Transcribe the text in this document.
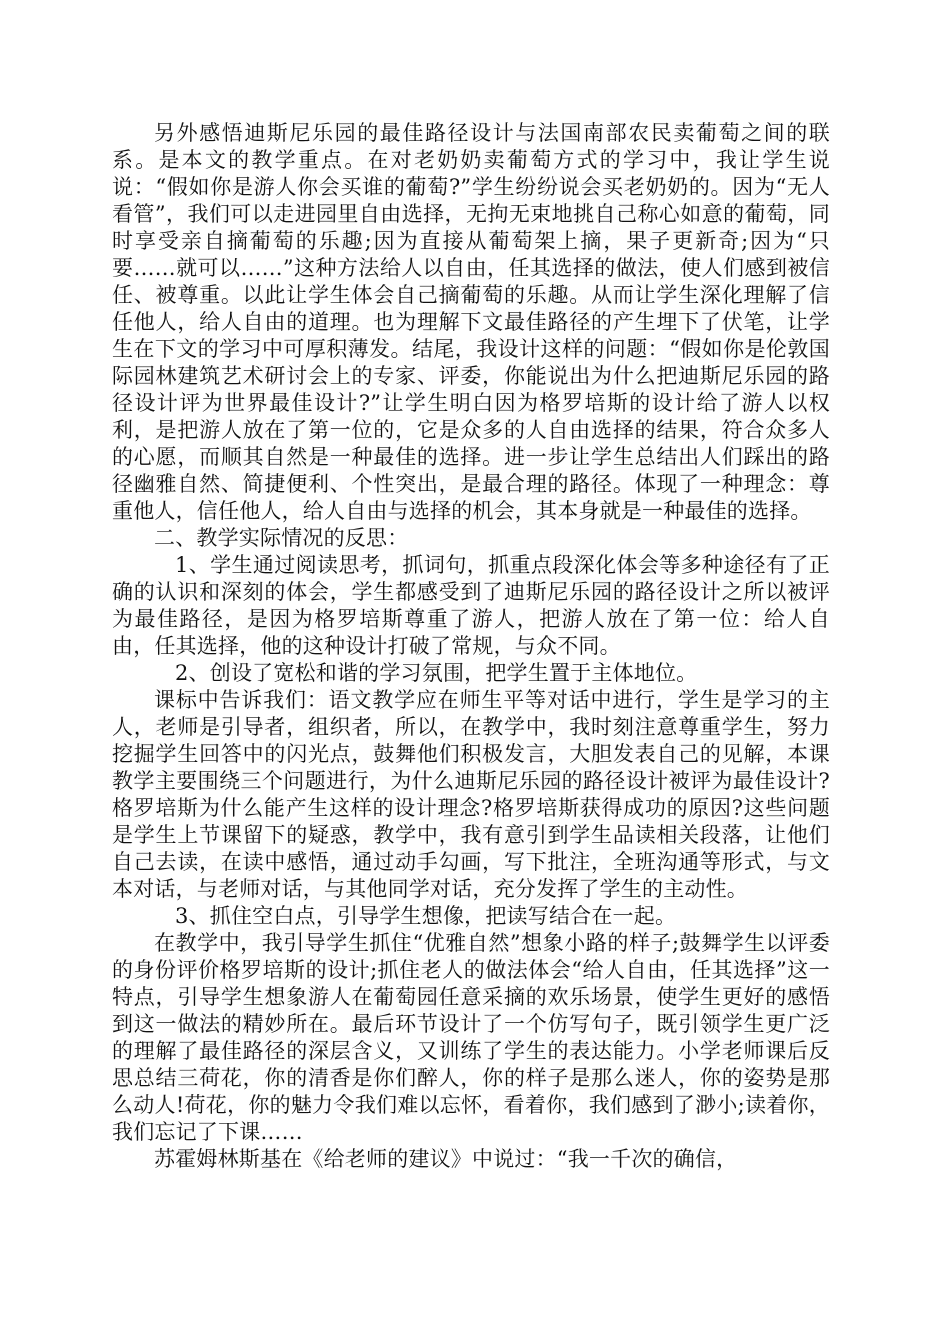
另外感悟迪斯尼乐园的最佳路径设计与法国南部农民卖葡萄之间的联系。是本文的教学重点。在对老奶奶卖葡萄方式的学习中，我让学生说说：“假如你是游人你会买谁的葡萄?”学生纷纷说会买老奶奶的。因为“无人看管”，我们可以走进园里自由选择，无拘无束地挑自己称心如意的葡萄，同时享受亲自摘葡萄的乐趣;因为直接从葡萄架上摘，果子更新奇;因为“只要……就可以……”这种方法给人以自由，任其选择的做法，使人们感到被信任、被尊重。以此让学生体会自己摘葡萄的乐趣。从而让学生深化理解了信任他人，给人自由的道理。也为理解下文最佳路径的产生埋下了伏笔，让学生在下文的学习中可厚积薄发。结尾，我设计这样的问题：“假如你是伦敦国际园林建筑艺术研讨会上的专家、评委，你能说出为什么把迪斯尼乐园的路径设计评为世界最佳设计?”让学生明白因为格罗培斯的设计给了游人以权利，是把游人放在了第一位的，它是众多的人自由选择的结果，符合众多人的心愿，而顺其自然是一种最佳的选择。进一步让学生总结出人们踩出的路径幽雅自然、简捷便利、个性突出，是最合理的路径。体现了一种理念：尊重他人，信任他人，给人自由与选择的机会，其本身就是一种最佳的选择。

二、教学实际情况的反思：

1、学生通过阅读思考，抓词句，抓重点段深化体会等多种途径有了正确的认识和深刻的体会，学生都感受到了迪斯尼乐园的路径设计之所以被评为最佳路径，是因为格罗培斯尊重了游人，把游人放在了第一位：给人自由，任其选择，他的这种设计打破了常规，与众不同。

2、创设了宽松和谐的学习氛围，把学生置于主体地位。

课标中告诉我们：语文教学应在师生平等对话中进行，学生是学习的主人，老师是引导者，组织者，所以，在教学中，我时刻注意尊重学生，努力挖掘学生回答中的闪光点，鼓舞他们积极发言，大胆发表自己的见解，本课教学主要围绕三个问题进行，为什么迪斯尼乐园的路径设计被评为最佳设计?格罗培斯为什么能产生这样的设计理念?格罗培斯获得成功的原因?这些问题是学生上节课留下的疑惑，教学中，我有意引到学生品读相关段落，让他们自己去读，在读中感悟，通过动手勾画，写下批注，全班沟通等形式，与文本对话，与老师对话，与其他同学对话，充分发挥了学生的主动性。

3、抓住空白点，引导学生想像，把读写结合在一起。

在教学中，我引导学生抓住“优雅自然”想象小路的样子;鼓舞学生以评委的身份评价格罗培斯的设计;抓住老人的做法体会“给人自由，任其选择”这一特点，引导学生想象游人在葡萄园任意采摘的欢乐场景，使学生更好的感悟到这一做法的精妙所在。最后环节设计了一个仿写句子，既引领学生更广泛的理解了最佳路径的深层含义，又训练了学生的表达能力。小学老师课后反思总结三荷花，你的清香是你们醉人，你的样子是那么迷人，你的姿势是那么动人!荷花，你的魅力令我们难以忘怀，看着你，我们感到了渺小;读着你，我们忘记了下课……

苏霍姆林斯基在《给老师的建议》中说过：“我一千次的确信，
